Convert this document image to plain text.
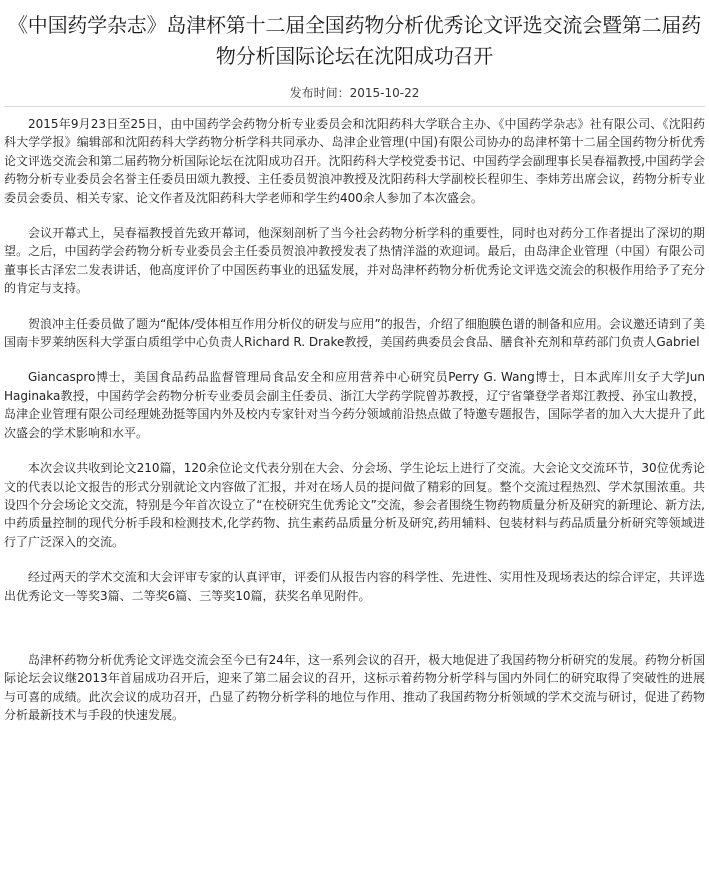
《中国药学杂志》岛津杯第十二届全国药物分析优秀论文评选交流会暨第二届药物分析国际论坛在沈阳成功召开
发布时间：2015-10-22

2015年9月23日至25日，由中国药学会药物分析专业委员会和沈阳药科大学联合主办、《中国药学杂志》社有限公司、《沈阳药科大学学报》编辑部和沈阳药科大学药物分析学科共同承办、岛津企业管理(中国)有限公司协办的岛津杯第十二届全国药物分析优秀论文评选交流会和第二届药物分析国际论坛在沈阳成功召开。沈阳药科大学校党委书记、中国药学会副理事长吴春福教授,中国药学会药物分析专业委员会名誉主任委员田颂九教授、主任委员贺浪冲教授及沈阳药科大学副校长程卯生、李炜芳出席会议，药物分析专业委员会委员、相关专家、论文作者及沈阳药科大学老师和学生约400余人参加了本次盛会。

会议开幕式上，吴春福教授首先致开幕词，他深刻剖析了当今社会药物分析学科的重要性，同时也对药分工作者提出了深切的期望。之后，中国药学会药物分析专业委员会主任委员贺浪冲教授发表了热情洋溢的欢迎词。最后，由岛津企业管理（中国）有限公司董事长古泽宏二发表讲话，他高度评价了中国医药事业的迅猛发展，并对岛津杯药物分析优秀论文评选交流会的积极作用给予了充分的肯定与支持。

贺浪冲主任委员做了题为“配体/受体相互作用分析仪的研发与应用”的报告，介绍了细胞膜色谱的制备和应用。会议邀还请到了美国南卡罗莱纳医科大学蛋白质组学中心负责人Richard R. Drake教授，美国药典委员会食品、膳食补充剂和草药部门负责人Gabriel

Giancaspro博士，美国食品药品监督管理局食品安全和应用营养中心研究员Perry G. Wang博士，日本武库川女子大学Jun Haginaka教授，中国药学会药物分析专业委员会副主任委员、浙江大学药学院曾苏教授，辽宁省肇登学者郑江教授、孙宝山教授，岛津企业管理有限公司经理姚劲挺等国内外及校内专家针对当今药分领域前沿热点做了特邀专题报告，国际学者的加入大大提升了此次盛会的学术影响和水平。

本次会议共收到论文210篇，120余位论文代表分别在大会、分会场、学生论坛上进行了交流。大会论文交流环节，30位优秀论文的代表以论文报告的形式分别就论文内容做了汇报，并对在场人员的提问做了精彩的回复。整个交流过程热烈、学术氛围浓重。共设四个分会场论文交流，特别是今年首次设立了“在校研究生优秀论文”交流，参会者围绕生物药物质量分析及研究的新理论、新方法,中药质量控制的现代分析手段和检测技术,化学药物、抗生素药品质量分析及研究,药用辅料、包装材料与药品质量分析研究等领域进行了广泛深入的交流。

经过两天的学术交流和大会评审专家的认真评审，评委们从报告内容的科学性、先进性、实用性及现场表达的综合评定，共评选出优秀论文一等奖3篇、二等奖6篇、三等奖10篇，获奖名单见附件。

岛津杯药物分析优秀论文评选交流会至今已有24年，这一系列会议的召开，极大地促进了我国药物分析研究的发展。药物分析国际论坛会议继2013年首届成功召开后，迎来了第二届会议的召开，这标示着药物分析学科与国内外同仁的研究取得了突破性的进展与可喜的成绩。此次会议的成功召开，凸显了药物分析学科的地位与作用、推动了我国药物分析领域的学术交流与研讨，促进了药物分析最新技术与手段的快速发展。
